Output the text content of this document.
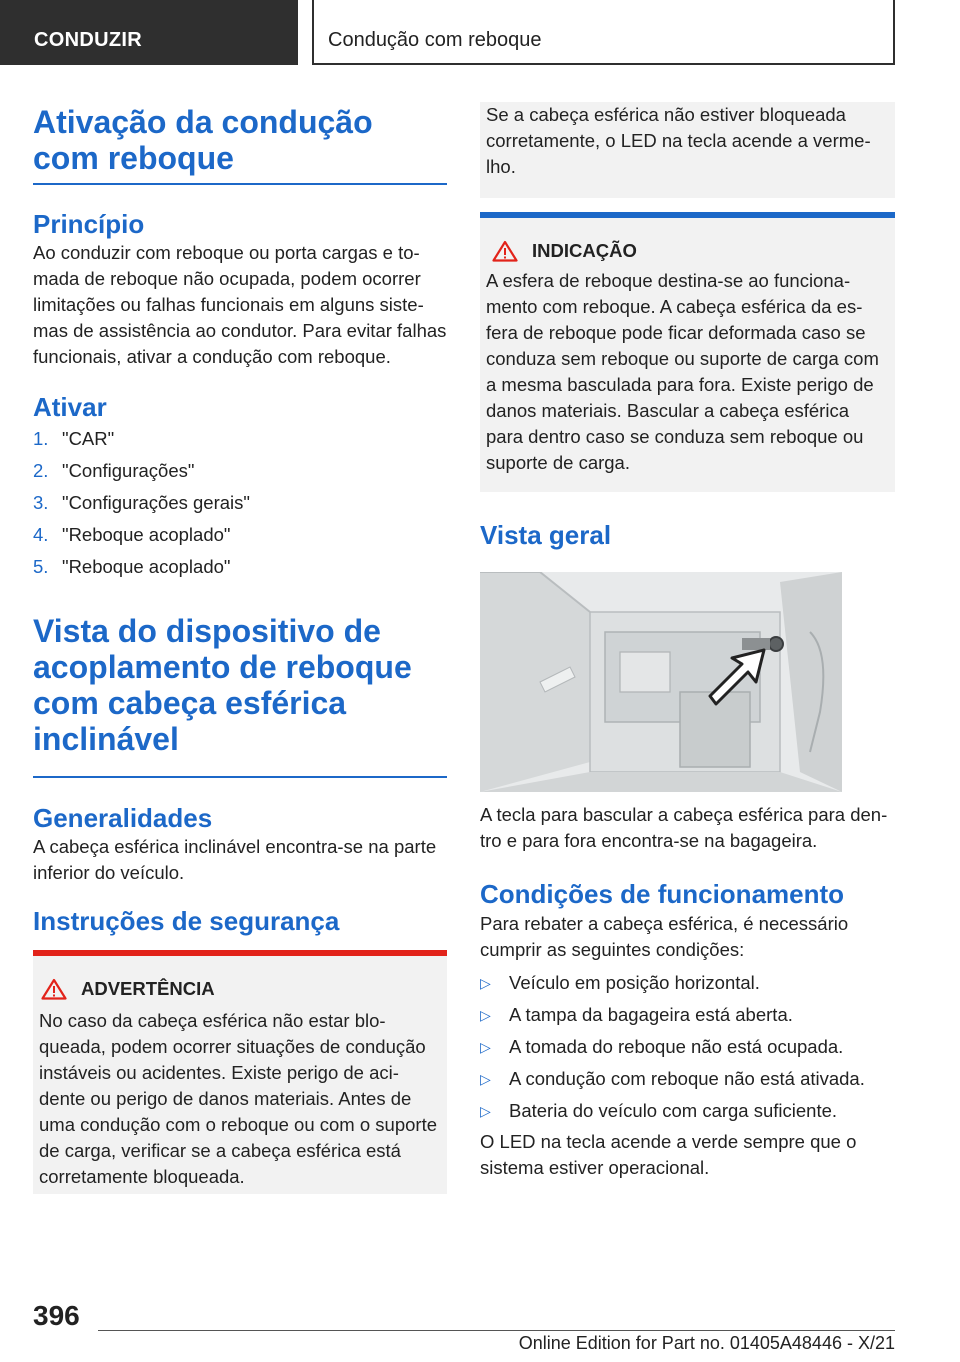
CONDUZIR	Condução com reboque
Ativação da condução com reboque
Princípio

Ao conduzir com reboque ou porta cargas e tomada de reboque não ocupada, podem ocorrer limitações ou falhas funcionais em alguns sistemas de assistência ao condutor. Para evitar falhas funcionais, ativar a condução com reboque.

Ativar
1. "CAR"
2. "Configurações"
3. "Configurações gerais"
4. "Reboque acoplado"
5. "Reboque acoplado"
Vista do dispositivo de acoplamento de reboque com cabeça esférica inclinável
Generalidades

A cabeça esférica inclinável encontra-se na parte inferior do veículo.

Instruções de segurança
ADVERTÊNCIA

No caso da cabeça esférica não estar bloqueada, podem ocorrer situações de condução instáveis ou acidentes. Existe perigo de acidente ou perigo de danos materiais. Antes de uma condução com o reboque ou com o suporte de carga, verificar se a cabeça esférica está corretamente bloqueada.

Se a cabeça esférica não estiver bloqueada corretamente, o LED na tecla acende a vermelho.

INDICAÇÃO

A esfera de reboque destina-se ao funcionamento com reboque. A cabeça esférica da esfera de reboque pode ficar deformada caso se conduza sem reboque ou suporte de carga com a mesma basculada para fora. Existe perigo de danos materiais. Bascular a cabeça esférica para dentro caso se conduza sem reboque ou suporte de carga.

Vista geral

A tecla para bascular a cabeça esférica para dentro e para fora encontra-se na bagageira.

Condições de funcionamento

Para rebater a cabeça esférica, é necessário cumprir as seguintes condições:

▷ Veículo em posição horizontal.
▷ A tampa da bagageira está aberta.
▷ A tomada do reboque não está ocupada.
▷ A condução com reboque não está ativada.
▷ Bateria do veículo com carga suficiente.

O LED na tecla acende a verde sempre que o sistema estiver operacional.

396
Online Edition for Part no. 01405A48446 - X/21
